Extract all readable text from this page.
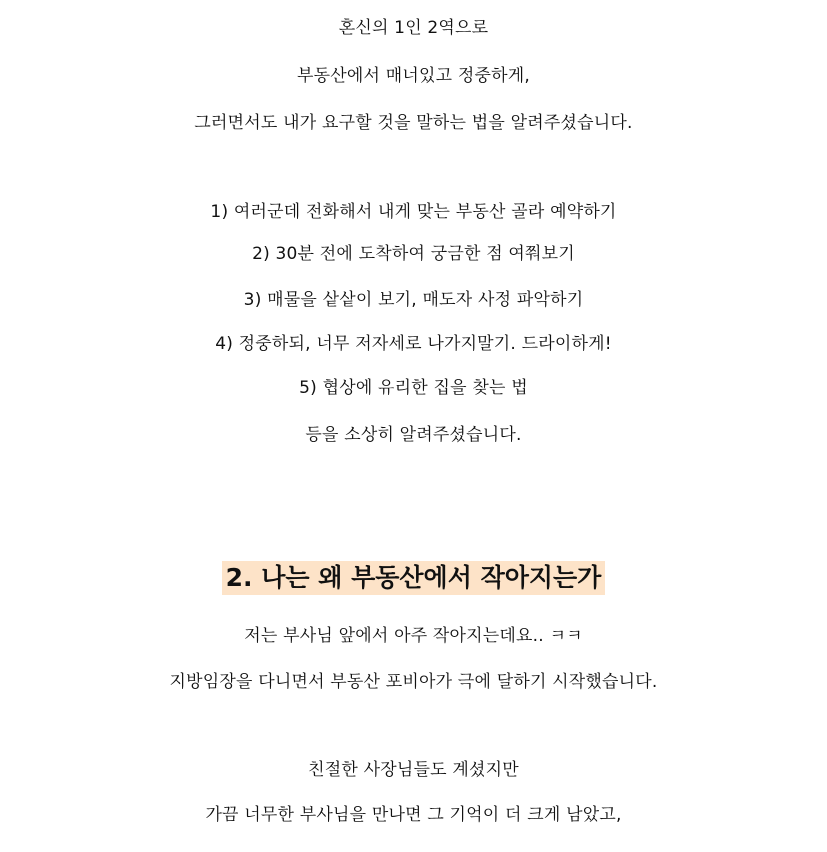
혼신의 1인 2역으로
부동산에서 매너있고 정중하게,
그러면서도 내가 요구할 것을 말하는 법을 알려주셨습니다.
1) 여러군데 전화해서 내게 맞는 부동산 골라 예약하기
2) 30분 전에 도착하여 궁금한 점 여쭤보기
3) 매물을 샅샅이 보기, 매도자 사정 파악하기
4) 정중하되, 너무 저자세로 나가지말기. 드라이하게!
5) 협상에 유리한 집을 찾는 법
등을 소상히 알려주셨습니다.
2. 나는 왜 부동산에서 작아지는가
저는 부사님 앞에서 아주 작아지는데요.. ㅋㅋ
지방임장을 다니면서 부동산 포비아가 극에 달하기 시작했습니다.
친절한 사장님들도 계셨지만
가끔 너무한 부사님을 만나면 그 기억이 더 크게 남았고,
